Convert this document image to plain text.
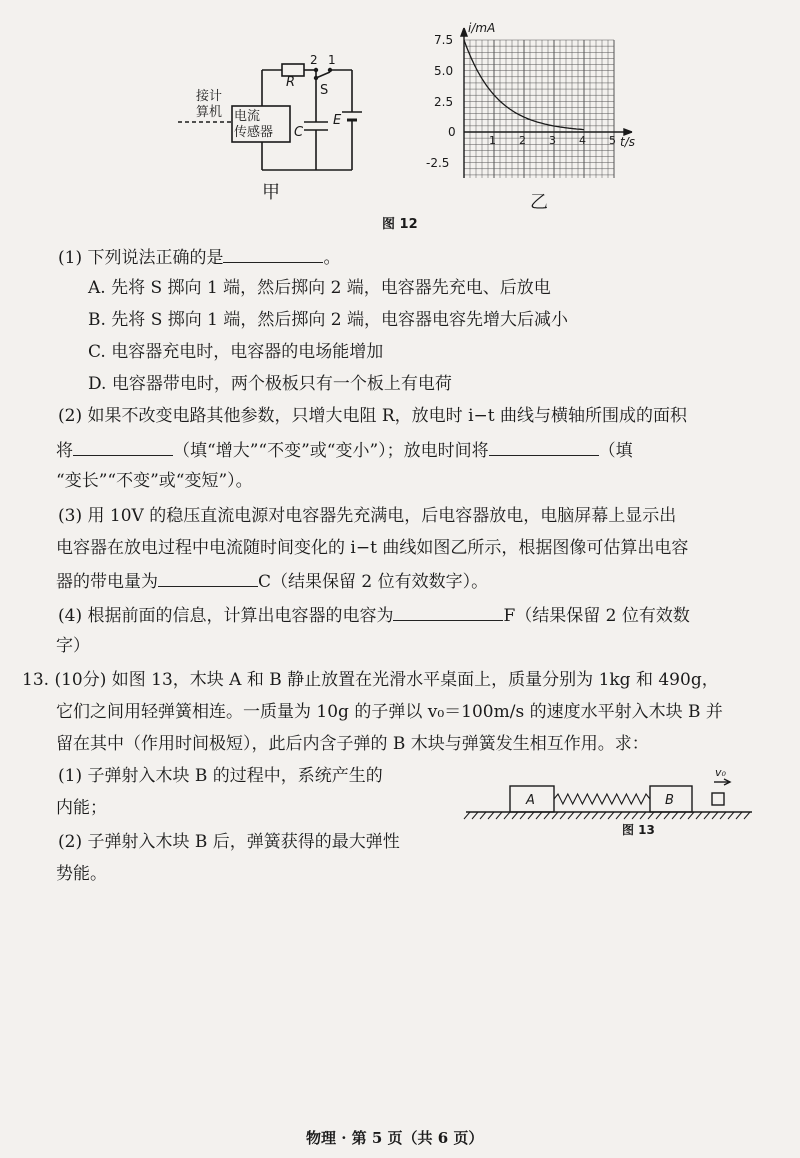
电流
传感器
接计
算机
R
S
C
E
2 1
甲
i/mA
t/s
7.5
5.0
2.5
0
-2.5
1 2 3 4 5
乙
图 12
(1) 下列说法正确的是	。
A. 先将 S 掷向 1 端，然后掷向 2 端，电容器先充电、后放电
B. 先将 S 掷向 1 端，然后掷向 2 端，电容器电容先增大后减小
C. 电容器充电时，电容器的电场能增加
D. 电容器带电时，两个极板只有一个板上有电荷
(2) 如果不改变电路其他参数，只增大电阻 R，放电时 i−t 曲线与横轴所围成的面积
将	（填“增大”“不变”或“变小”）；放电时间将	（填
“变长”“不变”或“变短”）。
(3) 用 10V 的稳压直流电源对电容器先充满电，后电容器放电，电脑屏幕上显示出
电容器在放电过程中电流随时间变化的 i−t 曲线如图乙所示，根据图像可估算出电容
器的带电量为	C（结果保留 2 位有效数字）。
(4) 根据前面的信息，计算出电容器的电容为	F（结果保留 2 位有效数
字）
13. (10分) 如图 13，木块 A 和 B 静止放置在光滑水平桌面上，质量分别为 1kg 和 490g，
它们之间用轻弹簧相连。一质量为 10g 的子弹以 v₀＝100m/s 的速度水平射入木块 B 并
留在其中（作用时间极短），此后内含子弹的 B 木块与弹簧发生相互作用。求：
(1) 子弹射入木块 B 的过程中，系统产生的
内能；
(2) 子弹射入木块 B 后，弹簧获得的最大弹性
势能。
A	B
v₀
图 13
物理 · 第 5 页（共 6 页）
